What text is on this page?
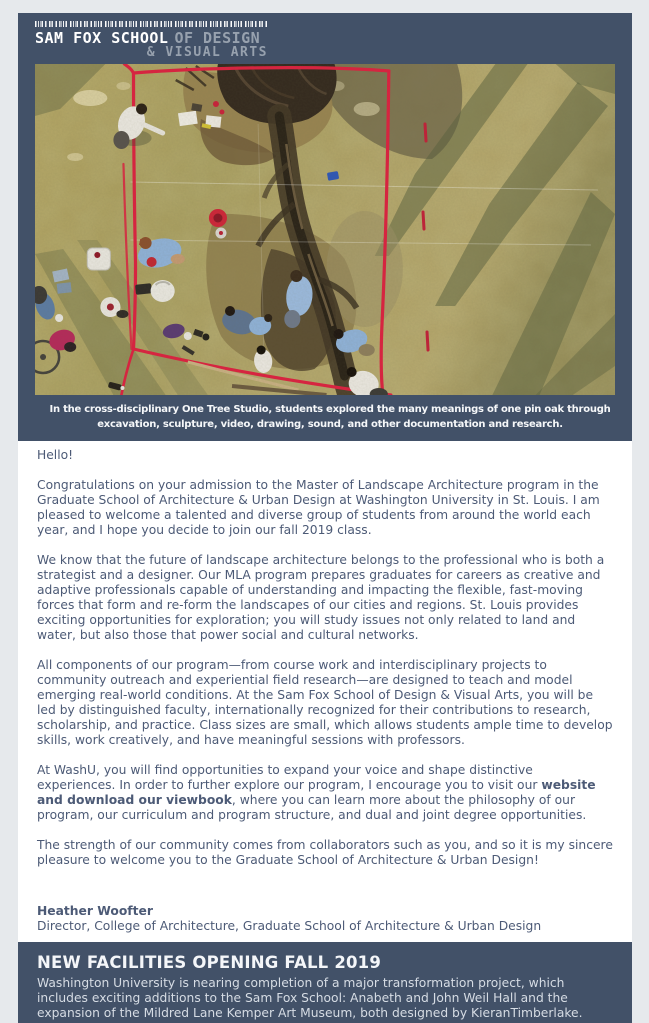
SAM FOX SCHOOL OF DESIGN
& VISUAL ARTS
In the cross-disciplinary One Tree Studio, students explored the many meanings of one pin oak through excavation, sculpture, video, drawing, sound, and other documentation and research.

Hello!

Congratulations on your admission to the Master of Landscape Architecture program in the Graduate School of Architecture & Urban Design at Washington University in St. Louis. I am pleased to welcome a talented and diverse group of students from around the world each year, and I hope you decide to join our fall 2019 class.

We know that the future of landscape architecture belongs to the professional who is both a strategist and a designer. Our MLA program prepares graduates for careers as creative and adaptive professionals capable of understanding and impacting the flexible, fast-moving forces that form and re-form the landscapes of our cities and regions. St. Louis provides exciting opportunities for exploration; you will study issues not only related to land and water, but also those that power social and cultural networks.

All components of our program—from course work and interdisciplinary projects to community outreach and experiential field research—are designed to teach and model emerging real-world conditions. At the Sam Fox School of Design & Visual Arts, you will be led by distinguished faculty, internationally recognized for their contributions to research, scholarship, and practice. Class sizes are small, which allows students ample time to develop skills, work creatively, and have meaningful sessions with professors.

At WashU, you will find opportunities to expand your voice and shape distinctive experiences. In order to further explore our program, I encourage you to visit our website and download our viewbook, where you can learn more about the philosophy of our program, our curriculum and program structure, and dual and joint degree opportunities.

The strength of our community comes from collaborators such as you, and so it is my sincere pleasure to welcome you to the Graduate School of Architecture & Urban Design!

Heather Woofter
Director, College of Architecture, Graduate School of Architecture & Urban Design
NEW FACILITIES OPENING FALL 2019

Washington University is nearing completion of a major transformation project, which includes exciting additions to the Sam Fox School: Anabeth and John Weil Hall and the expansion of the Mildred Lane Kemper Art Museum, both designed by KieranTimberlake.
